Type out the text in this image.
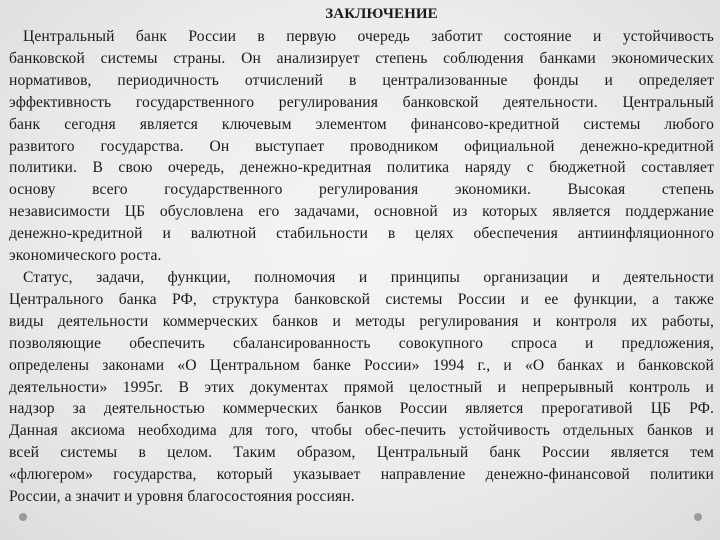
ЗАКЛЮЧЕНИЕ
Центральный банк России в первую очередь заботит состояние и устойчивость
банковской системы страны. Он анализирует степень соблюдения банками экономических
нормативов, периодичность отчислений в централизованные фонды и определяет
эффективность государственного регулирования банковской деятельности. Центральный
банк сегодня является ключевым элементом финансово-кредитной системы любого
развитого государства. Он выступает проводником официальной денежно-кредитной
политики. В свою очередь, денежно-кредитная политика наряду с бюджетной составляет
основу всего государственного регулирования экономики. Высокая степень
независимости ЦБ обусловлена его задачами, основной из которых является поддержание
денежно-кредитной и валютной стабильности в целях обеспечения антиинфляционного
экономического роста.
Статус, задачи, функции, полномочия и принципы организации и деятельности
Центрального банка РФ, структура банковской системы России и ее функции, а также
виды деятельности коммерческих банков и методы регулирования и контроля их работы,
позволяющие обеспечить сбалансированность совокупного спроса и предложения,
определены законами «О Центральном банке России» 1994 г., и «О банках и банковской
деятельности» 1995г. В этих документах прямой целостный и непрерывный контроль и
надзор за деятельностью коммерческих банков России является прерогативой ЦБ РФ.
Данная аксиома необходима для того, чтобы обес-печить устойчивость отдельных банков и
всей системы в целом. Таким образом, Центральный банк России является тем
«флюгером» государства, который указывает направление денежно-финансовой политики
России, а значит и уровня благосостояния россиян.
